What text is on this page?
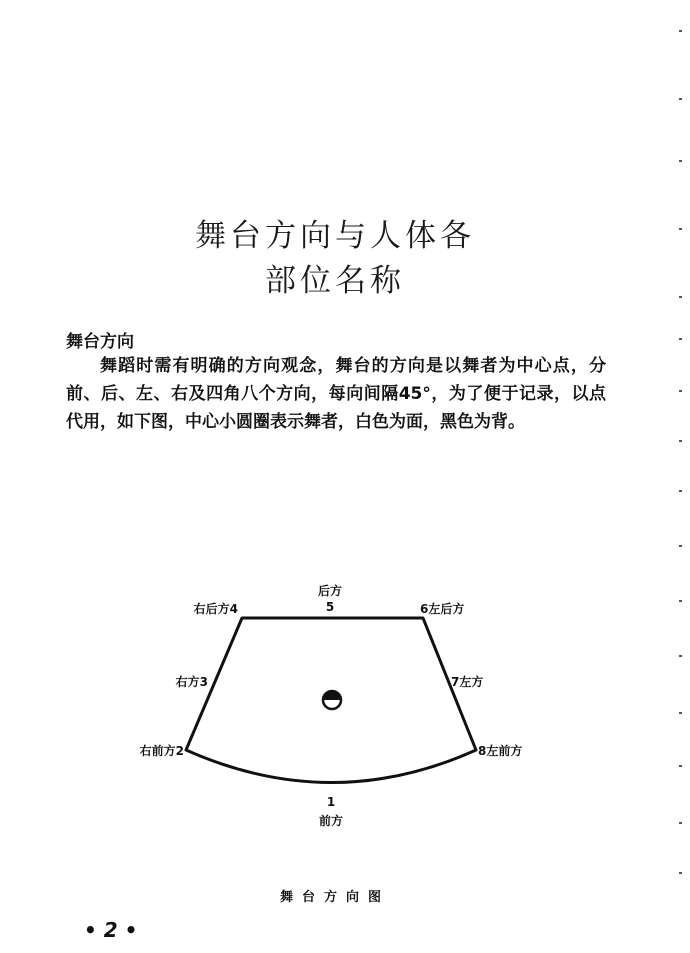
舞台方向与人体各
部位名称
舞台方向
舞蹈时需有明确的方向观念，舞台的方向是以舞者为中心点，分前、后、左、右及四角八个方向，每向间隔45°，为了便于记录，以点代用，如下图，中心小圆圈表示舞者，白色为面，黑色为背。
后方
5
右后方4	6左后方
右方3	7左方
右前方2	8左前方
1
前方
舞台方向图
• 2 •
